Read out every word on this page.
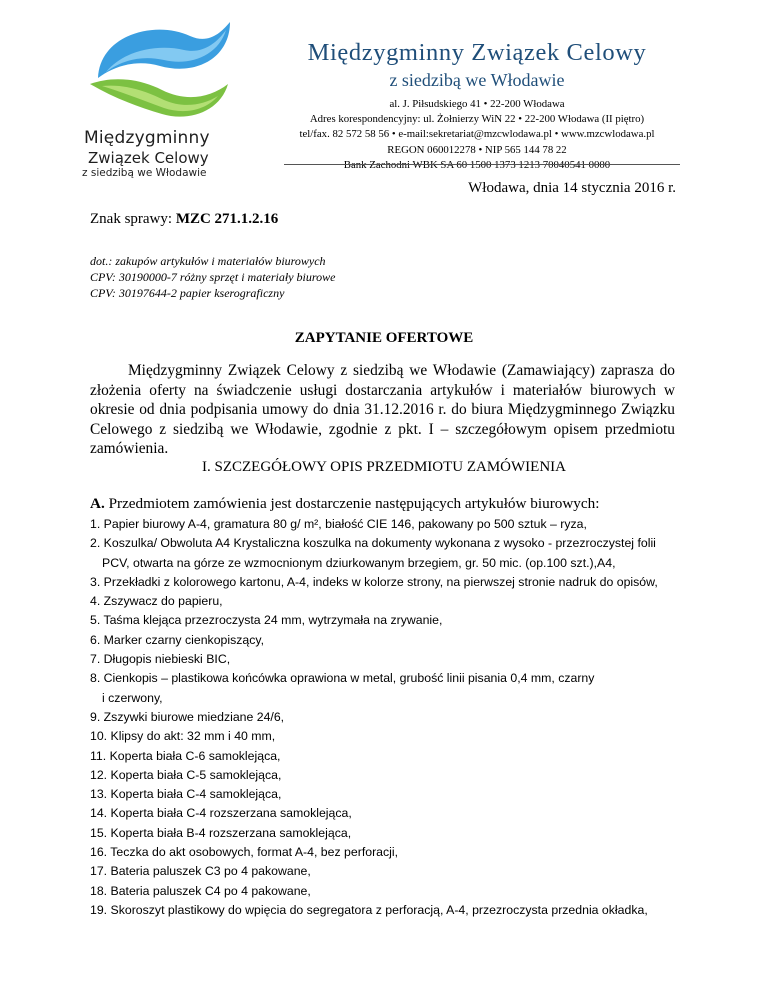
Międzygminny
Związek Celowy
z siedzibą we Włodawie
Międzygminny Związek Celowy
z siedzibą we Włodawie
al. J. Piłsudskiego 41 • 22-200 Włodawa
Adres korespondencyjny: ul. Żołnierzy WiN 22 • 22-200 Włodawa (II piętro)
tel/fax. 82 572 58 56 • e-mail:sekretariat@mzcwlodawa.pl • www.mzcwlodawa.pl
REGON 060012278 • NIP 565 144 78 22
Bank Zachodni WBK SA 60 1500 1373 1213 70040541 0000
Włodawa, dnia 14 stycznia 2016 r.
Znak sprawy: MZC 271.1.2.16
dot.: zakupów artykułów i materiałów biurowych
CPV: 30190000-7 różny sprzęt i materiały biurowe
CPV: 30197644-2 papier kserograficzny
ZAPYTANIE OFERTOWE

Międzygminny Związek Celowy z siedzibą we Włodawie (Zamawiający) zaprasza do złożenia oferty na świadczenie usługi dostarczania artykułów i materiałów biurowych w okresie od dnia podpisania umowy do dnia 31.12.2016 r. do biura Międzygminnego Związku Celowego z siedzibą we Włodawie, zgodnie z pkt. I – szczegółowym opisem przedmiotu zamówienia.

I. SZCZEGÓŁOWY OPIS PRZEDMIOTU ZAMÓWIENIA
A. Przedmiotem zamówienia jest dostarczenie następujących artykułów biurowych:
1. Papier biurowy A-4, gramatura 80 g/ m², białość CIE 146, pakowany po 500 sztuk – ryza,
2. Koszulka/ Obwoluta A4 Krystaliczna koszulka na dokumenty wykonana z wysoko - przezroczystej folii
PCV, otwarta na górze ze wzmocnionym dziurkowanym brzegiem, gr. 50 mic. (op.100 szt.),A4,
3. Przekładki z kolorowego kartonu, A-4, indeks w kolorze strony, na pierwszej stronie nadruk do opisów,
4. Zszywacz do papieru,
5. Taśma klejąca przezroczysta 24 mm, wytrzymała na zrywanie,
6. Marker czarny cienkopiszący,
7. Długopis niebieski BIC,
8. Cienkopis – plastikowa końcówka oprawiona w metal, grubość linii pisania 0,4 mm, czarny
i czerwony,
9. Zszywki biurowe miedziane 24/6,
10. Klipsy do akt: 32 mm i 40 mm,
11. Koperta biała C-6 samoklejąca,
12. Koperta biała C-5 samoklejąca,
13. Koperta biała C-4 samoklejąca,
14. Koperta biała C-4 rozszerzana samoklejąca,
15. Koperta biała B-4 rozszerzana samoklejąca,
16. Teczka do akt osobowych, format A-4, bez perforacji,
17. Bateria paluszek C3 po 4 pakowane,
18. Bateria paluszek C4 po 4 pakowane,
19. Skoroszyt plastikowy do wpięcia do segregatora z perforacją, A-4, przezroczysta przednia okładka,
